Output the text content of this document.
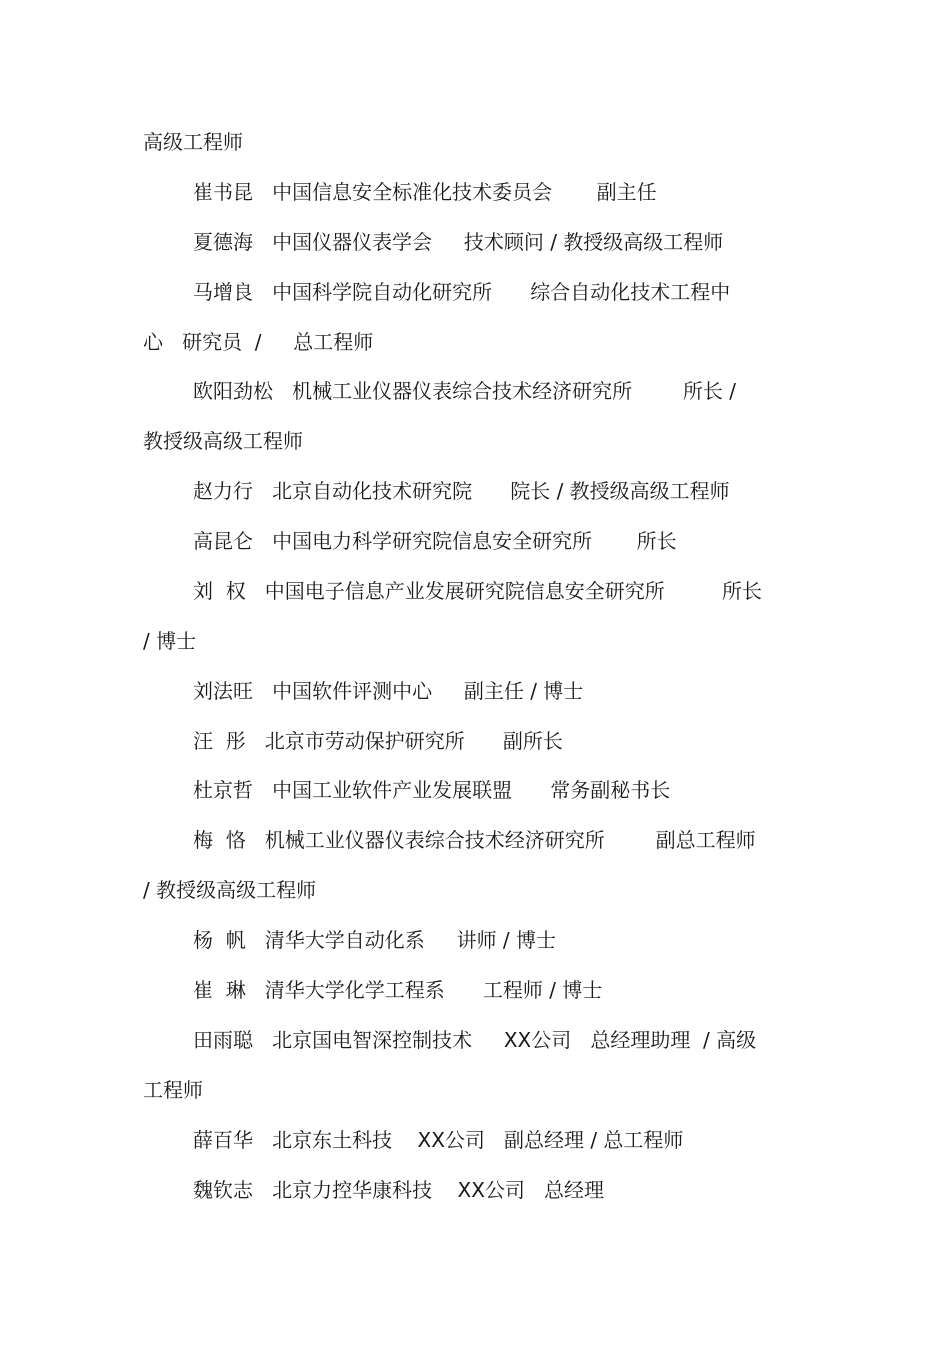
高级工程师
崔书昆   中国信息安全标准化技术委员会       副主任
夏德海   中国仪器仪表学会     技术顾问 / 教授级高级工程师
马增良   中国科学院自动化研究所      综合自动化技术工程中
心   研究员  /     总工程师
欧阳劲松   机械工业仪器仪表综合技术经济研究所        所长 /
教授级高级工程师
赵力行   北京自动化技术研究院      院长 / 教授级高级工程师
高昆仑   中国电力科学研究院信息安全研究所       所长
刘  权   中国电子信息产业发展研究院信息安全研究所         所长
/ 博士
刘法旺   中国软件评测中心     副主任 / 博士
汪  彤   北京市劳动保护研究所      副所长
杜京哲   中国工业软件产业发展联盟      常务副秘书长
梅  恪   机械工业仪器仪表综合技术经济研究所        副总工程师
/ 教授级高级工程师
杨  帆   清华大学自动化系     讲师 / 博士
崔  琳   清华大学化学工程系      工程师 / 博士
田雨聪   北京国电智深控制技术     XX公司   总经理助理  / 高级
工程师
薛百华   北京东土科技    XX公司   副总经理 / 总工程师
魏钦志   北京力控华康科技    XX公司   总经理
